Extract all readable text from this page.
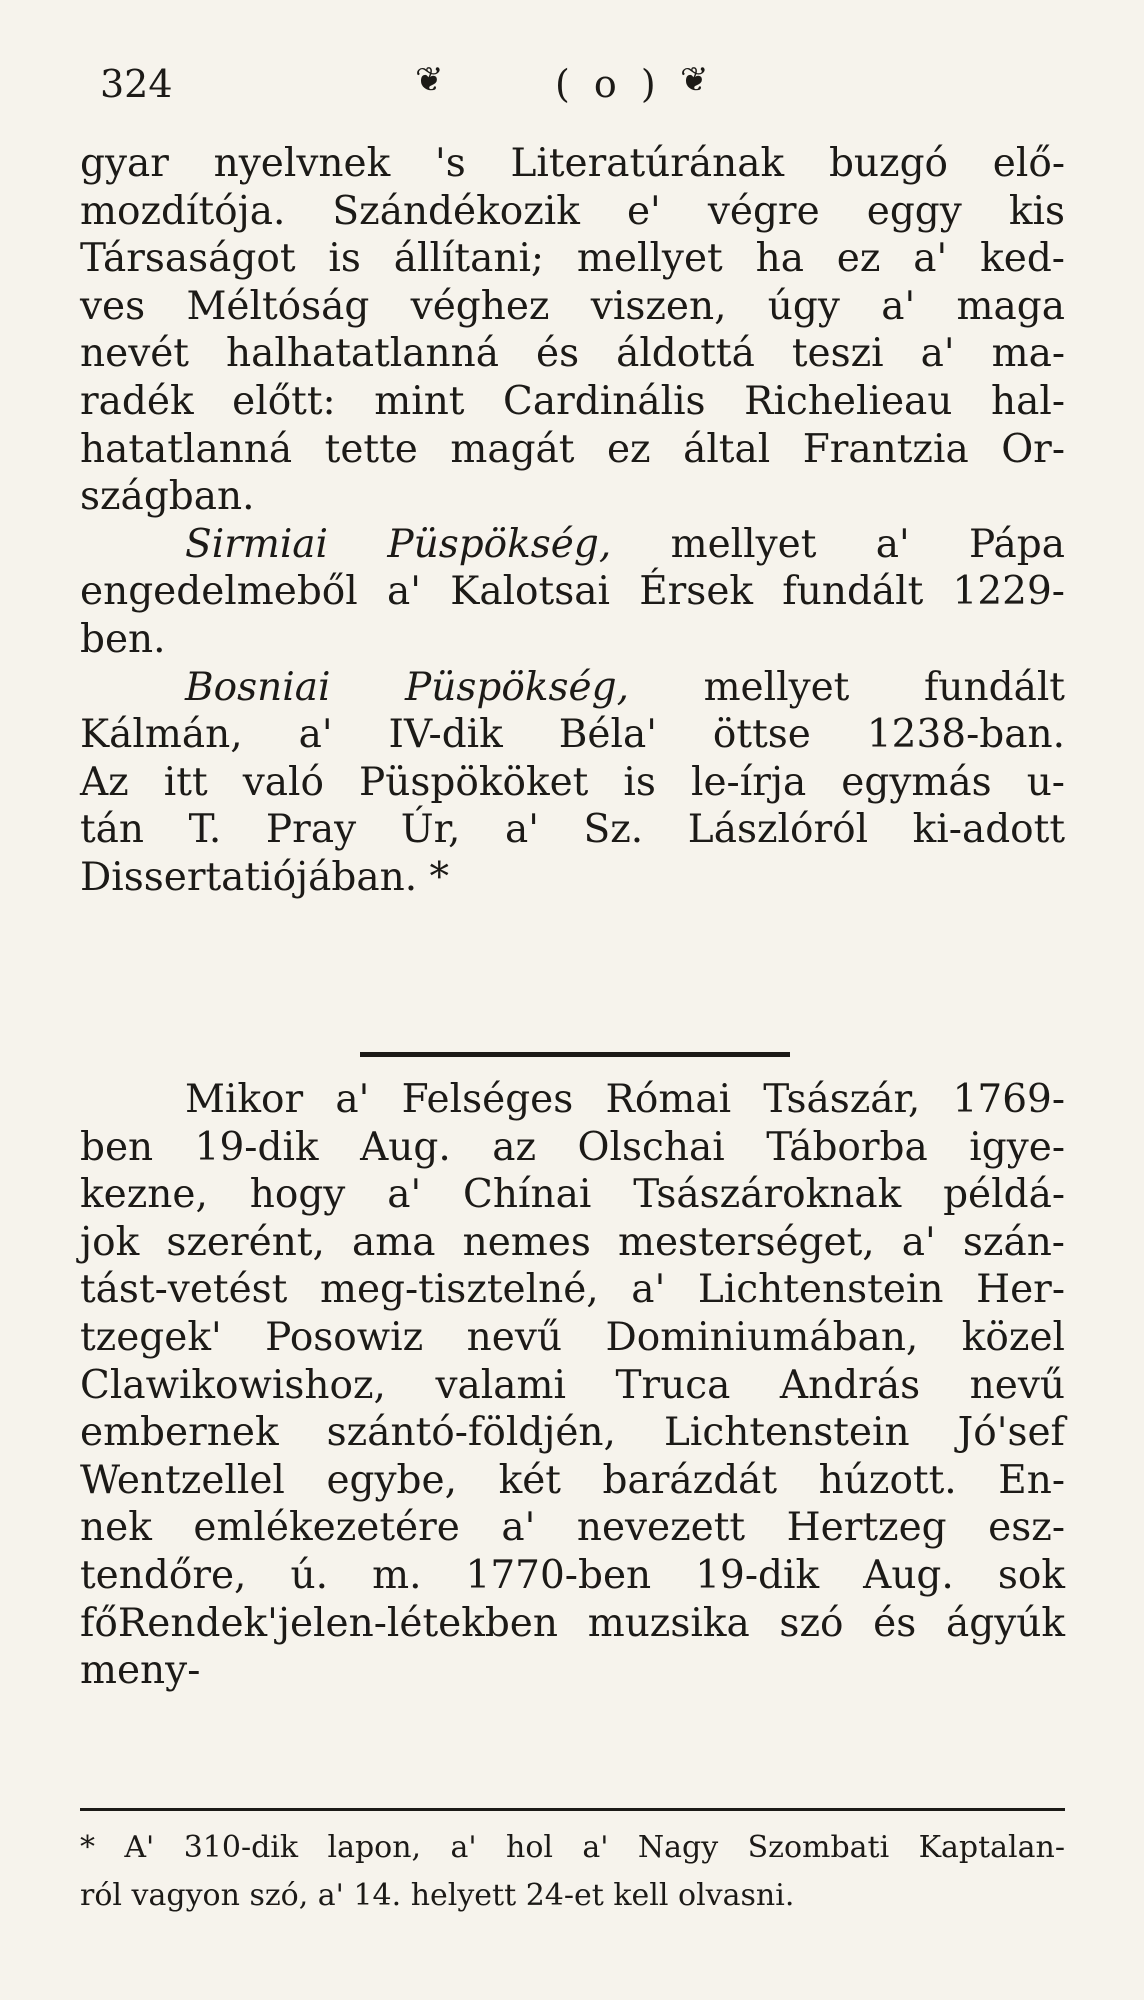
324	❦	( o ) ❦
gyar nyelvnek 's Literatúrának buzgó elő-
mozdítója. Szándékozik e' végre eggy kis
Társaságot is állítani; mellyet ha ez a' ked-
ves Méltóság véghez viszen, úgy a' maga
nevét halhatatlanná és áldottá teszi a' ma-
radék előtt: mint Cardinális Richelieau hal-
hatatlanná tette magát ez által Frantzia Or-
szágban.
Sirmiai Püspökség, mellyet a' Pápa
engedelmeből a' Kalotsai Érsek fundált 1229-
ben.
Bosniai Püspökség, mellyet fundált
Kálmán, a' IV-dik Béla' öttse 1238-ban.
Az itt való Püspököket is le-írja egymás u-
tán T. Pray Úr, a' Sz. Lászlóról ki-adott
Dissertatiójában. *
Mikor a' Felséges Római Tsászár, 1769-
ben 19-dik Aug. az Olschai Táborba igye-
kezne, hogy a' Chínai Tsászároknak példá-
jok szerént, ama nemes mesterséget, a' szán-
tást-vetést meg-tisztelné, a' Lichtenstein Her-
tzegek' Posowiz nevű Dominiumában, közel
Clawikowishoz, valami Truca András nevű
embernek szántó-földjén, Lichtenstein Jó'sef
Wentzellel egybe, két barázdát húzott. En-
nek emlékezetére a' nevezett Hertzeg esz-
tendőre, ú. m. 1770-ben 19-dik Aug. sok
főRendek'jelen-létekben muzsika szó és ágyúk
meny-
* A' 310-dik lapon, a' hol a' Nagy Szombati Kaptalan-
ról vagyon szó, a' 14. helyett 24-et kell olvasni.
